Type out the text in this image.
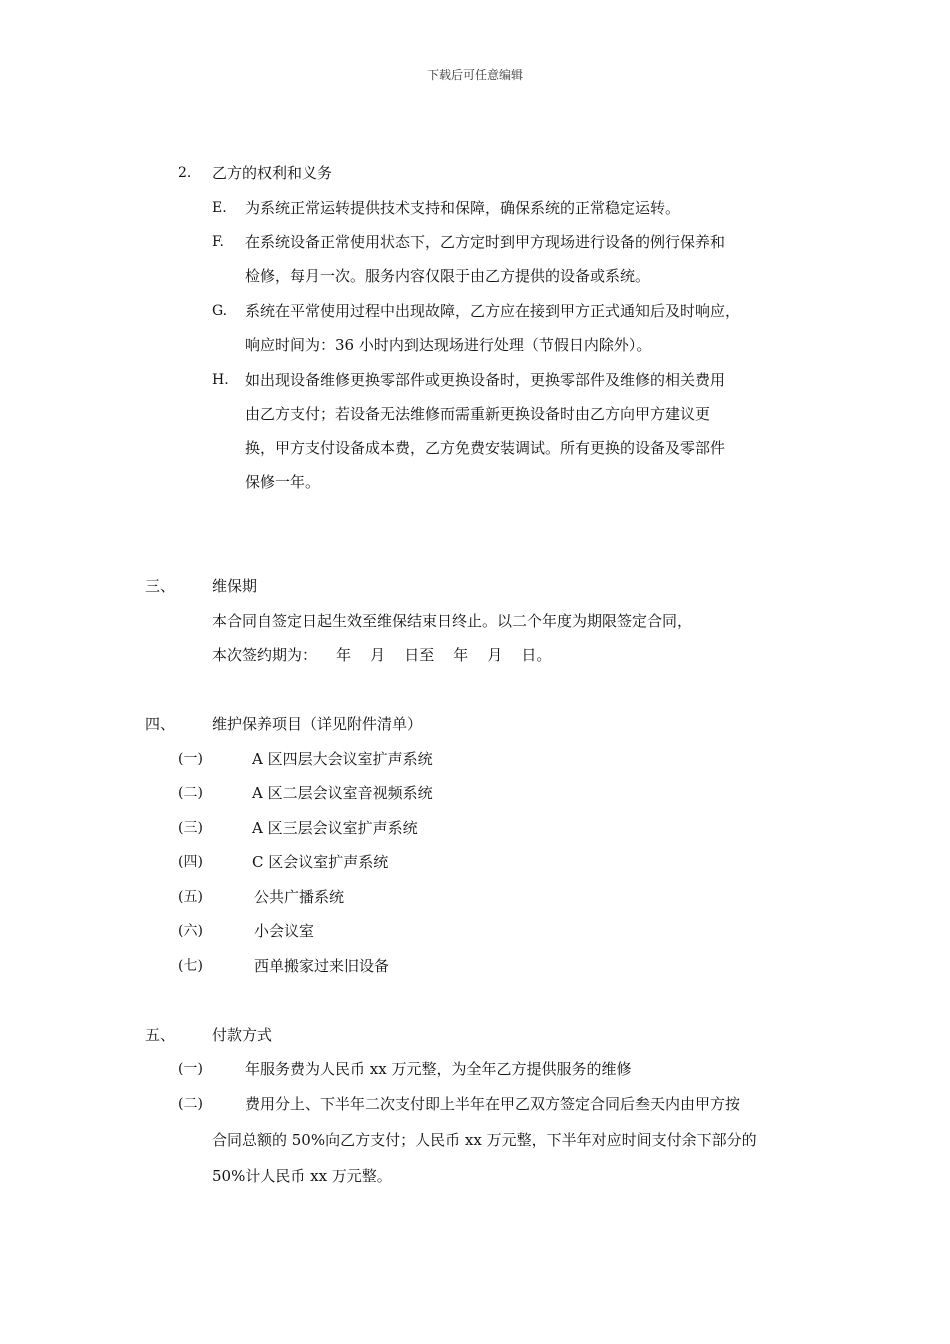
下载后可任意编辑
2. 乙方的权利和义务
E. 为系统正常运转提供技术支持和保障，确保系统的正常稳定运转。
F. 在系统设备正常使用状态下，乙方定时到甲方现场进行设备的例行保养和
检修，每月一次。服务内容仅限于由乙方提供的设备或系统。
G. 系统在平常使用过程中出现故障，乙方应在接到甲方正式通知后及时响应，
响应时间为：36 小时内到达现场进行处理（节假日内除外）。
H. 如出现设备维修更换零部件或更换设备时，更换零部件及维修的相关费用
由乙方支付；若设备无法维修而需重新更换设备时由乙方向甲方建议更
换，甲方支付设备成本费，乙方免费安装调试。所有更换的设备及零部件
保修一年。
三、 维保期
本合同自签定日起生效至维保结束日终止。以二个年度为期限签定合同，
本次签约期为：    年    月    日至    年    月    日。
四、 维护保养项目（详见附件清单）
(一)	A 区四层大会议室扩声系统
(二)	A 区二层会议室音视频系统
(三)	A 区三层会议室扩声系统
(四)	C 区会议室扩声系统
(五)	公共广播系统
(六)	小会议室
(七)	西单搬家过来旧设备
五、 付款方式
(一)	年服务费为人民币 xx 万元整，为全年乙方提供服务的维修
(二)	费用分上、下半年二次支付即上半年在甲乙双方签定合同后叁天内由甲方按
合同总额的 50%向乙方支付；人民币 xx 万元整，下半年对应时间支付余下部分的
50%计人民币 xx 万元整。
